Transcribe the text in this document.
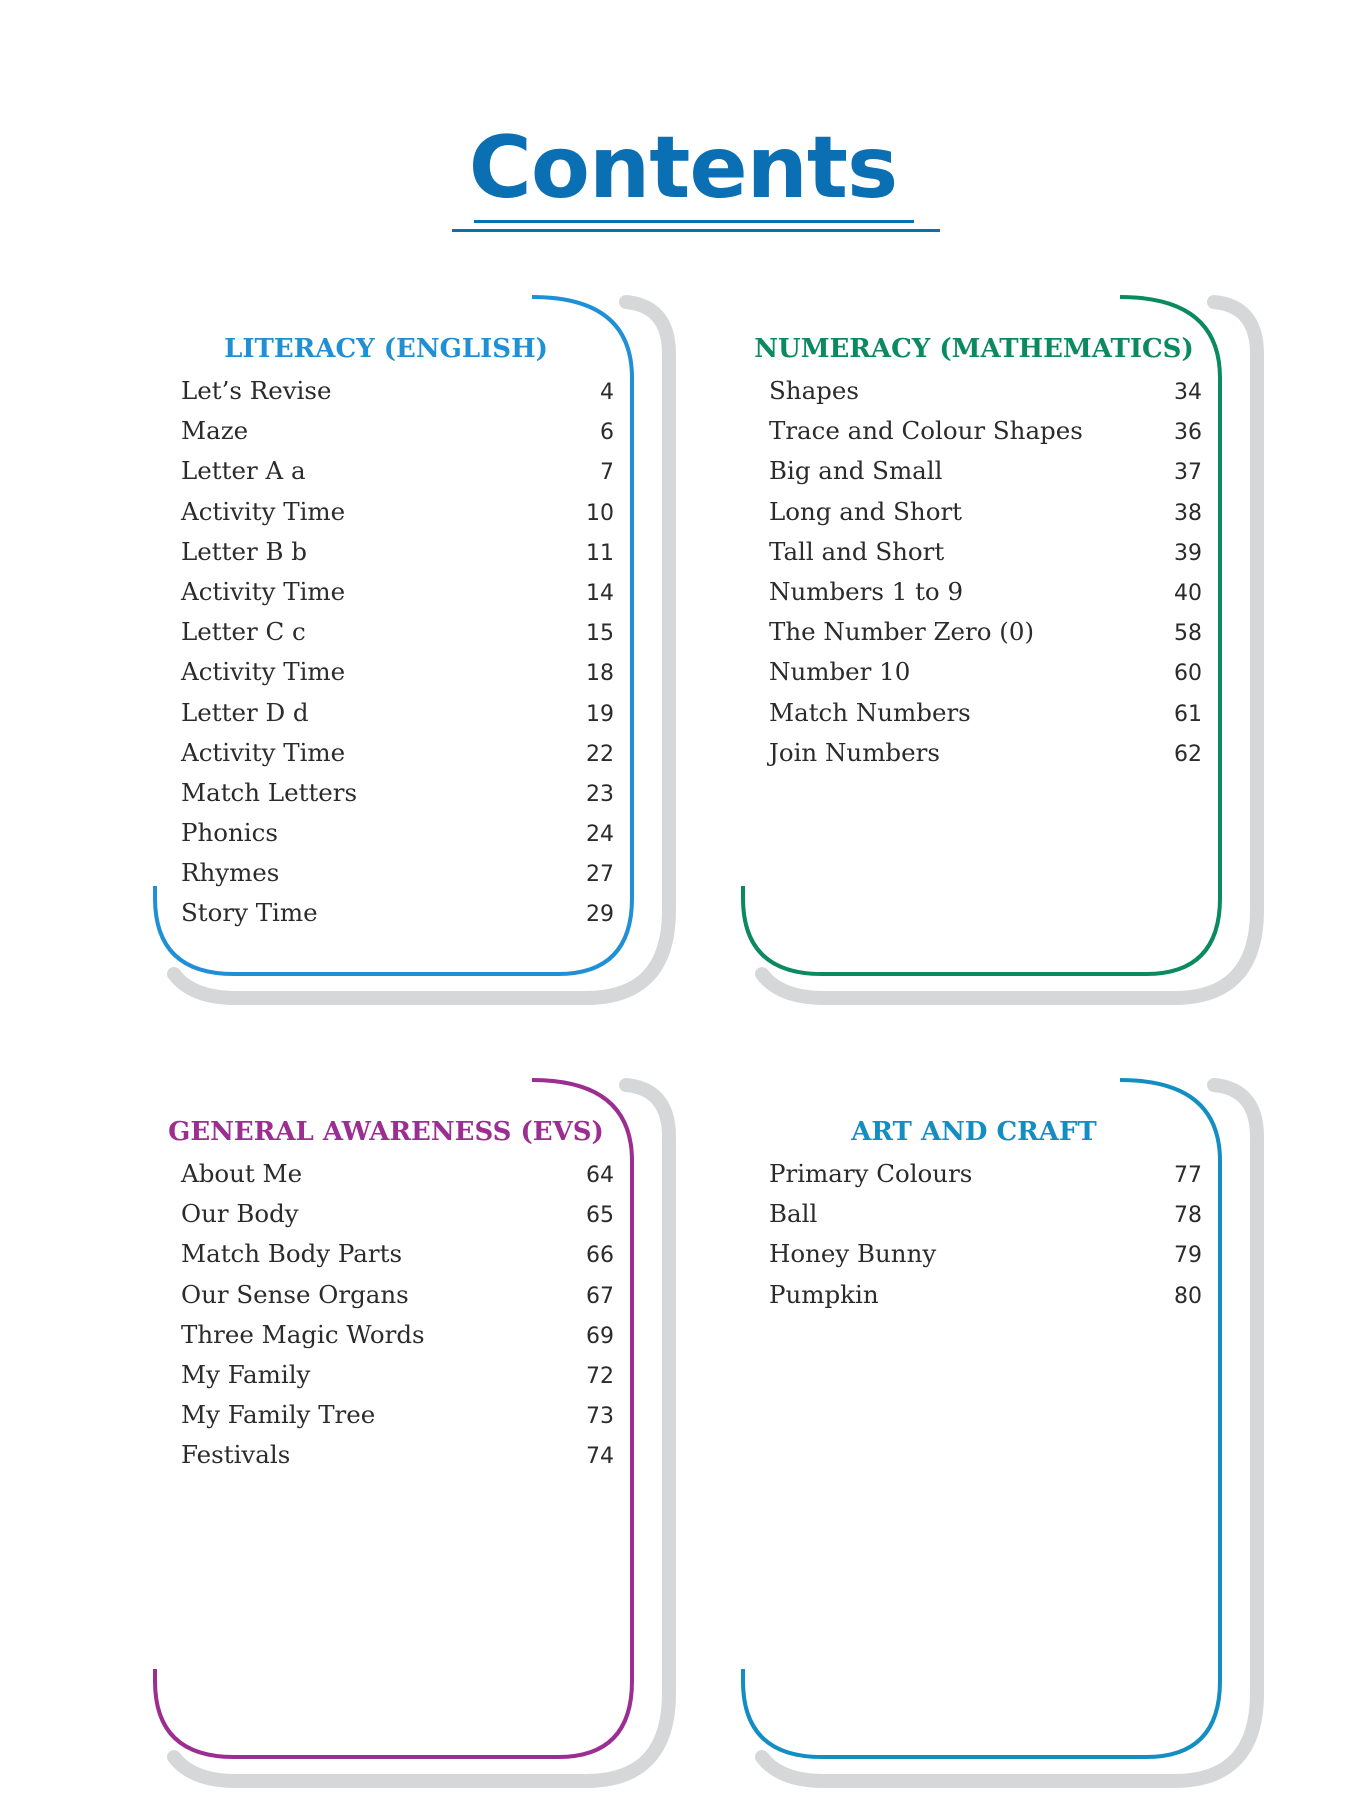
Contents
LITERACY (ENGLISH)
Let’s Revise	4
Maze	6
Letter A a	7
Activity Time	10
Letter B b	11
Activity Time	14
Letter C c	15
Activity Time	18
Letter D d	19
Activity Time	22
Match Letters	23
Phonics	24
Rhymes	27
Story Time	29
NUMERACY (MATHEMATICS)
Shapes	34
Trace and Colour Shapes	36
Big and Small	37
Long and Short	38
Tall and Short	39
Numbers 1 to 9	40
The Number Zero (0)	58
Number 10	60
Match Numbers	61
Join Numbers	62
GENERAL AWARENESS (EVS)
About Me	64
Our Body	65
Match Body Parts	66
Our Sense Organs	67
Three Magic Words	69
My Family	72
My Family Tree	73
Festivals	74
ART AND CRAFT
Primary Colours	77
Ball	78
Honey Bunny	79
Pumpkin	80
